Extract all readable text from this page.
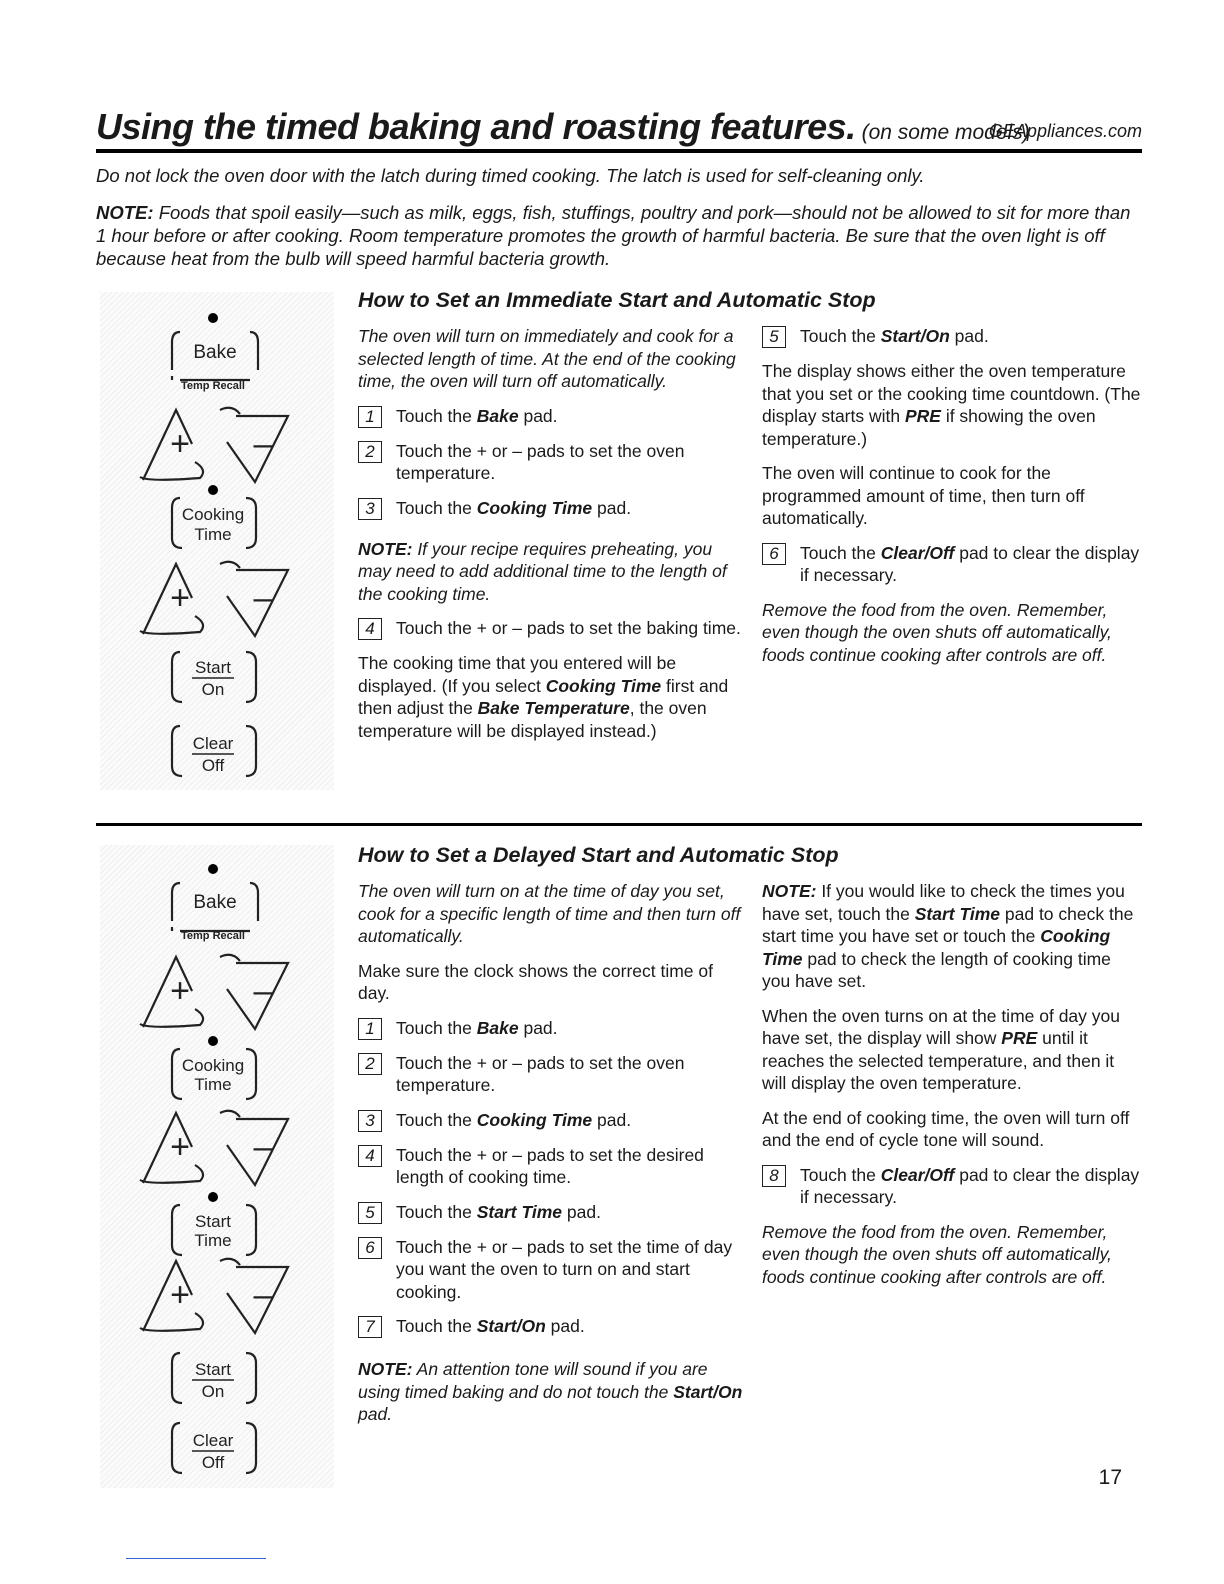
Using the timed baking and roasting features. (on some models)
GEAppliances.com
Do not lock the oven door with the latch during timed cooking. The latch is used for self-cleaning only.
NOTE: Foods that spoil easily—such as milk, eggs, fish, stuffings, poultry and pork—should not be allowed to sit for more than 1 hour before or after cooking. Room temperature promotes the growth of harmful bacteria. Be sure that the oven light is off because heat from the bulb will speed harmful bacteria growth.
Bake
Temp Recall
+ –
Cooking
Time
+ –
Start
On
Clear
Off
How to Set an Immediate Start and Automatic Stop

The oven will turn on immediately and cook for a selected length of time. At the end of the cooking time, the oven will turn off automatically.

1	Touch the Bake pad.
2	Touch the + or – pads to set the oven temperature.
3	Touch the Cooking Time pad.

NOTE: If your recipe requires preheating, you may need to add additional time to the length of the cooking time.

4	Touch the + or – pads to set the baking time.

The cooking time that you entered will be displayed. (If you select Cooking Time first and then adjust the Bake Temperature, the oven temperature will be displayed instead.)

5	Touch the Start/On pad.

The display shows either the oven temperature that you set or the cooking time countdown. (The display starts with PRE if showing the oven temperature.)

The oven will continue to cook for the programmed amount of time, then turn off automatically.

6	Touch the Clear/Off pad to clear the display if necessary.

Remove the food from the oven. Remember, even though the oven shuts off automatically, foods continue cooking after controls are off.

Bake
Temp Recall
+ –
Cooking
Time
+ –
Start
Time
+ –
Start
On
Clear
Off
How to Set a Delayed Start and Automatic Stop

The oven will turn on at the time of day you set, cook for a specific length of time and then turn off automatically.

Make sure the clock shows the correct time of day.

1	Touch the Bake pad.
2	Touch the + or – pads to set the oven temperature.
3	Touch the Cooking Time pad.
4	Touch the + or – pads to set the desired length of cooking time.
5	Touch the Start Time pad.
6	Touch the + or – pads to set the time of day you want the oven to turn on and start cooking.
7	Touch the Start/On pad.

NOTE: An attention tone will sound if you are using timed baking and do not touch the Start/On pad.

NOTE: If you would like to check the times you have set, touch the Start Time pad to check the start time you have set or touch the Cooking Time pad to check the length of cooking time you have set.

When the oven turns on at the time of day you have set, the display will show PRE until it reaches the selected temperature, and then it will display the oven temperature.

At the end of cooking time, the oven will turn off and the end of cycle tone will sound.

8	Touch the Clear/Off pad to clear the display if necessary.

Remove the food from the oven. Remember, even though the oven shuts off automatically, foods continue cooking after controls are off.

17
